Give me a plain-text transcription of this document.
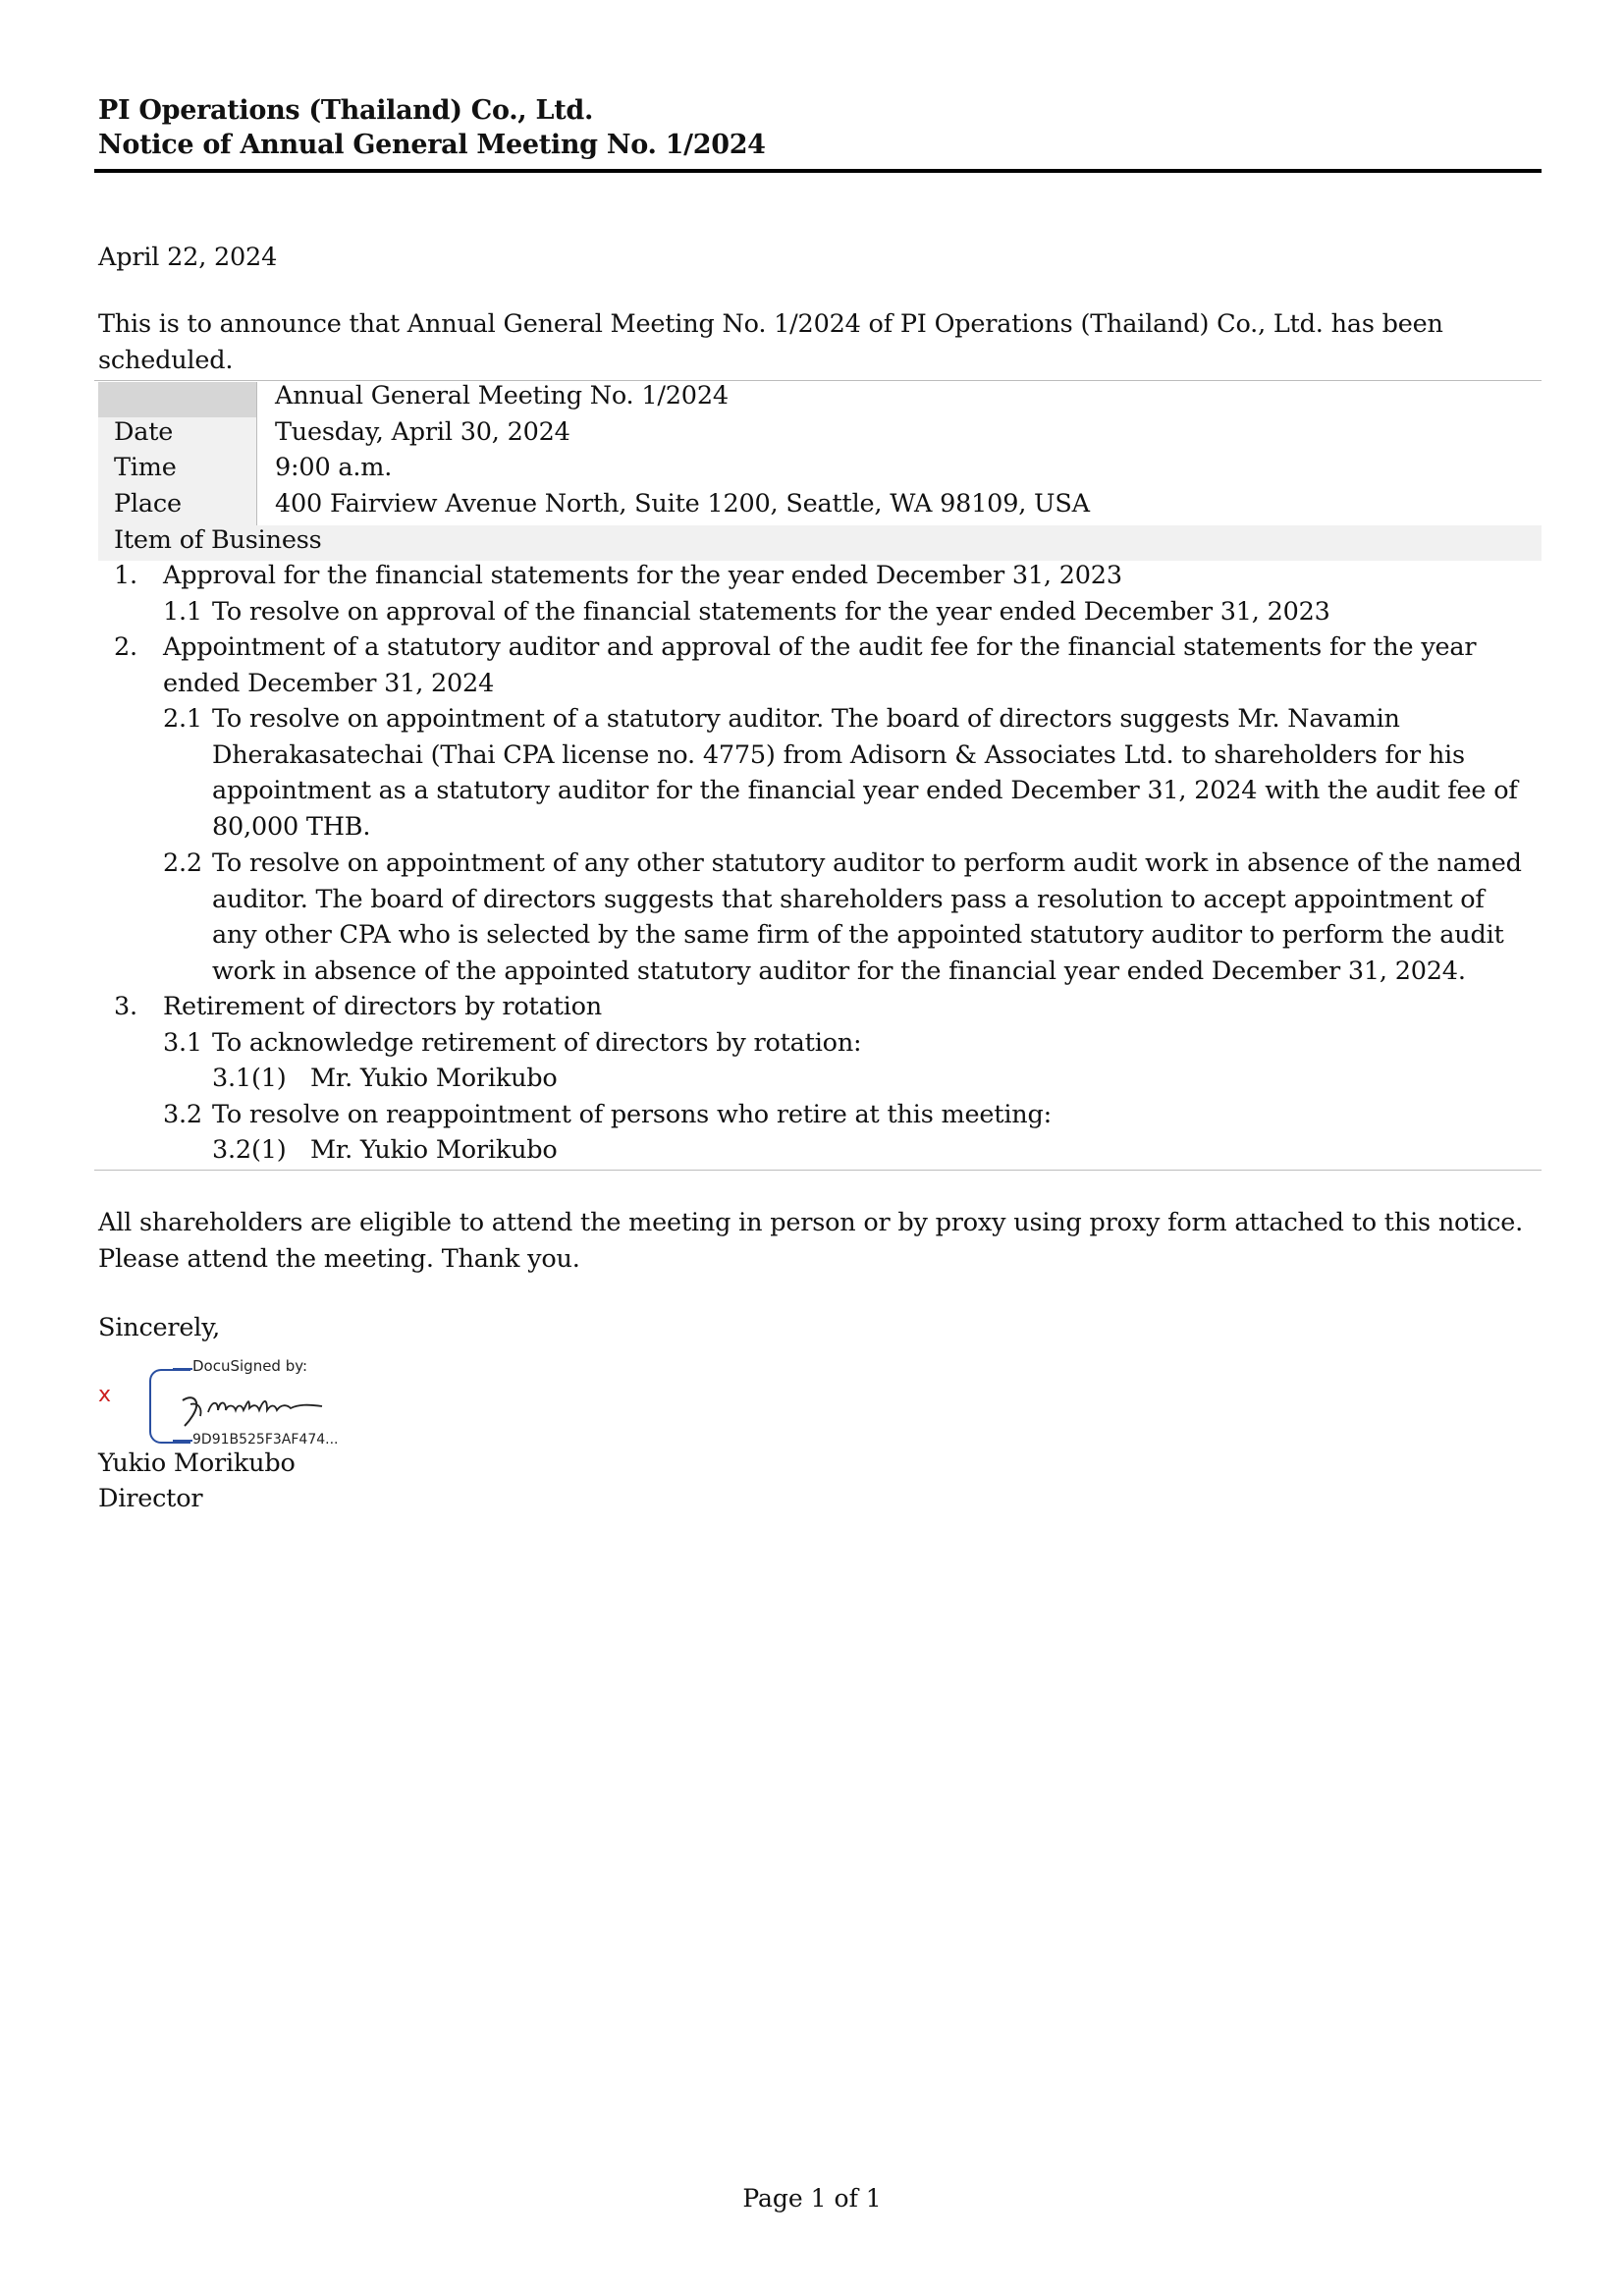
PI Operations (Thailand) Co., Ltd.
Notice of Annual General Meeting No. 1/2024
April 22, 2024
This is to announce that Annual General Meeting No. 1/2024 of PI Operations (Thailand) Co., Ltd. has been scheduled.
Annual General Meeting No. 1/2024
Date	Tuesday, April 30, 2024
Time	9:00 a.m.
Place	400 Fairview Avenue North, Suite 1200, Seattle, WA 98109, USA
Item of Business
1. Approval for the financial statements for the year ended December 31, 2023
1.1 To resolve on approval of the financial statements for the year ended December 31, 2023
2. Appointment of a statutory auditor and approval of the audit fee for the financial statements for the year ended December 31, 2024
2.1 To resolve on appointment of a statutory auditor. The board of directors suggests Mr. Navamin Dherakasatechai (Thai CPA license no. 4775) from Adisorn & Associates Ltd. to shareholders for his appointment as a statutory auditor for the financial year ended December 31, 2024 with the audit fee of 80,000 THB.
2.2 To resolve on appointment of any other statutory auditor to perform audit work in absence of the named auditor. The board of directors suggests that shareholders pass a resolution to accept appointment of any other CPA who is selected by the same firm of the appointed statutory auditor to perform the audit work in absence of the appointed statutory auditor for the financial year ended December 31, 2024.
3. Retirement of directors by rotation
3.1 To acknowledge retirement of directors by rotation:
3.1(1) Mr. Yukio Morikubo
3.2 To resolve on reappointment of persons who retire at this meeting:
3.2(1) Mr. Yukio Morikubo
All shareholders are eligible to attend the meeting in person or by proxy using proxy form attached to this notice.
Please attend the meeting. Thank you.
Sincerely,
x
DocuSigned by:
9D91B525F3AF474...
Yukio Morikubo
Director
Page 1 of 1
